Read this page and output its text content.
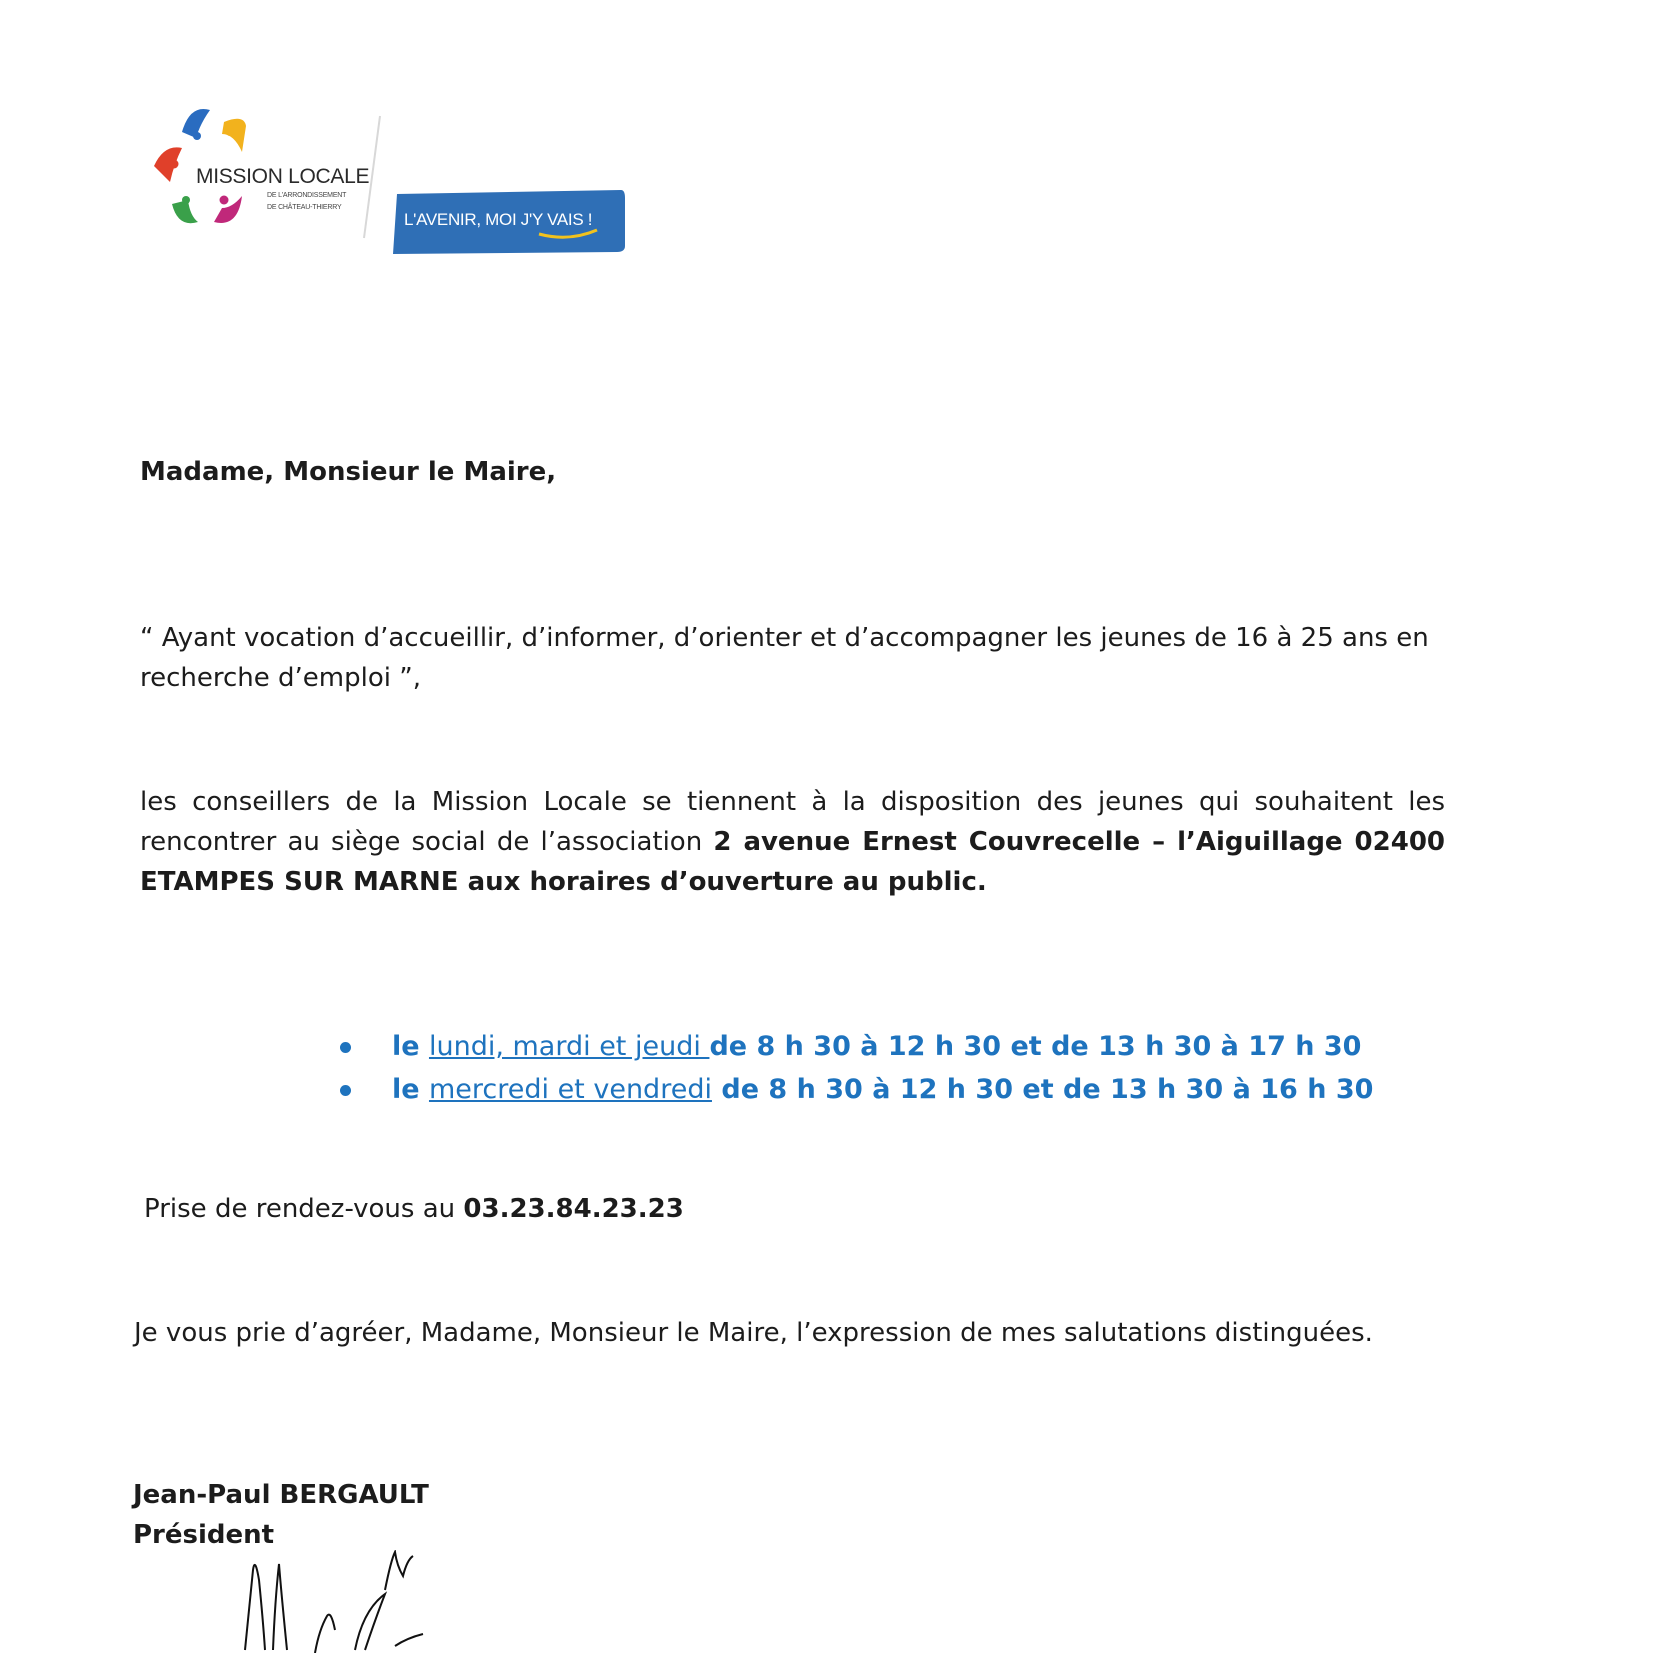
MISSION LOCALE
DE L'ARRONDISSEMENT
DE CHÂTEAU-THIERRY
L'AVENIR, MOI J'Y VAIS !
Madame, Monsieur le Maire,
“ Ayant vocation d’accueillir, d’informer, d’orienter et d’accompagner les jeunes de 16 à 25 ans en
recherche d’emploi ”,
les conseillers de la Mission Locale se tiennent à la disposition des jeunes qui souhaitent les
rencontrer au siège social de l’association 2 avenue Ernest Couvrecelle – l’Aiguillage 02400
ETAMPES SUR MARNE aux horaires d’ouverture au public.
le lundi, mardi et jeudi de 8 h 30 à 12 h 30 et de 13 h 30 à 17 h 30
le mercredi et vendredi de 8 h 30 à 12 h 30 et de 13 h 30 à 16 h 30
Prise de rendez-vous au 03.23.84.23.23
Je vous prie d’agréer, Madame, Monsieur le Maire, l’expression de mes salutations distinguées.
Jean-Paul BERGAULT
Président
